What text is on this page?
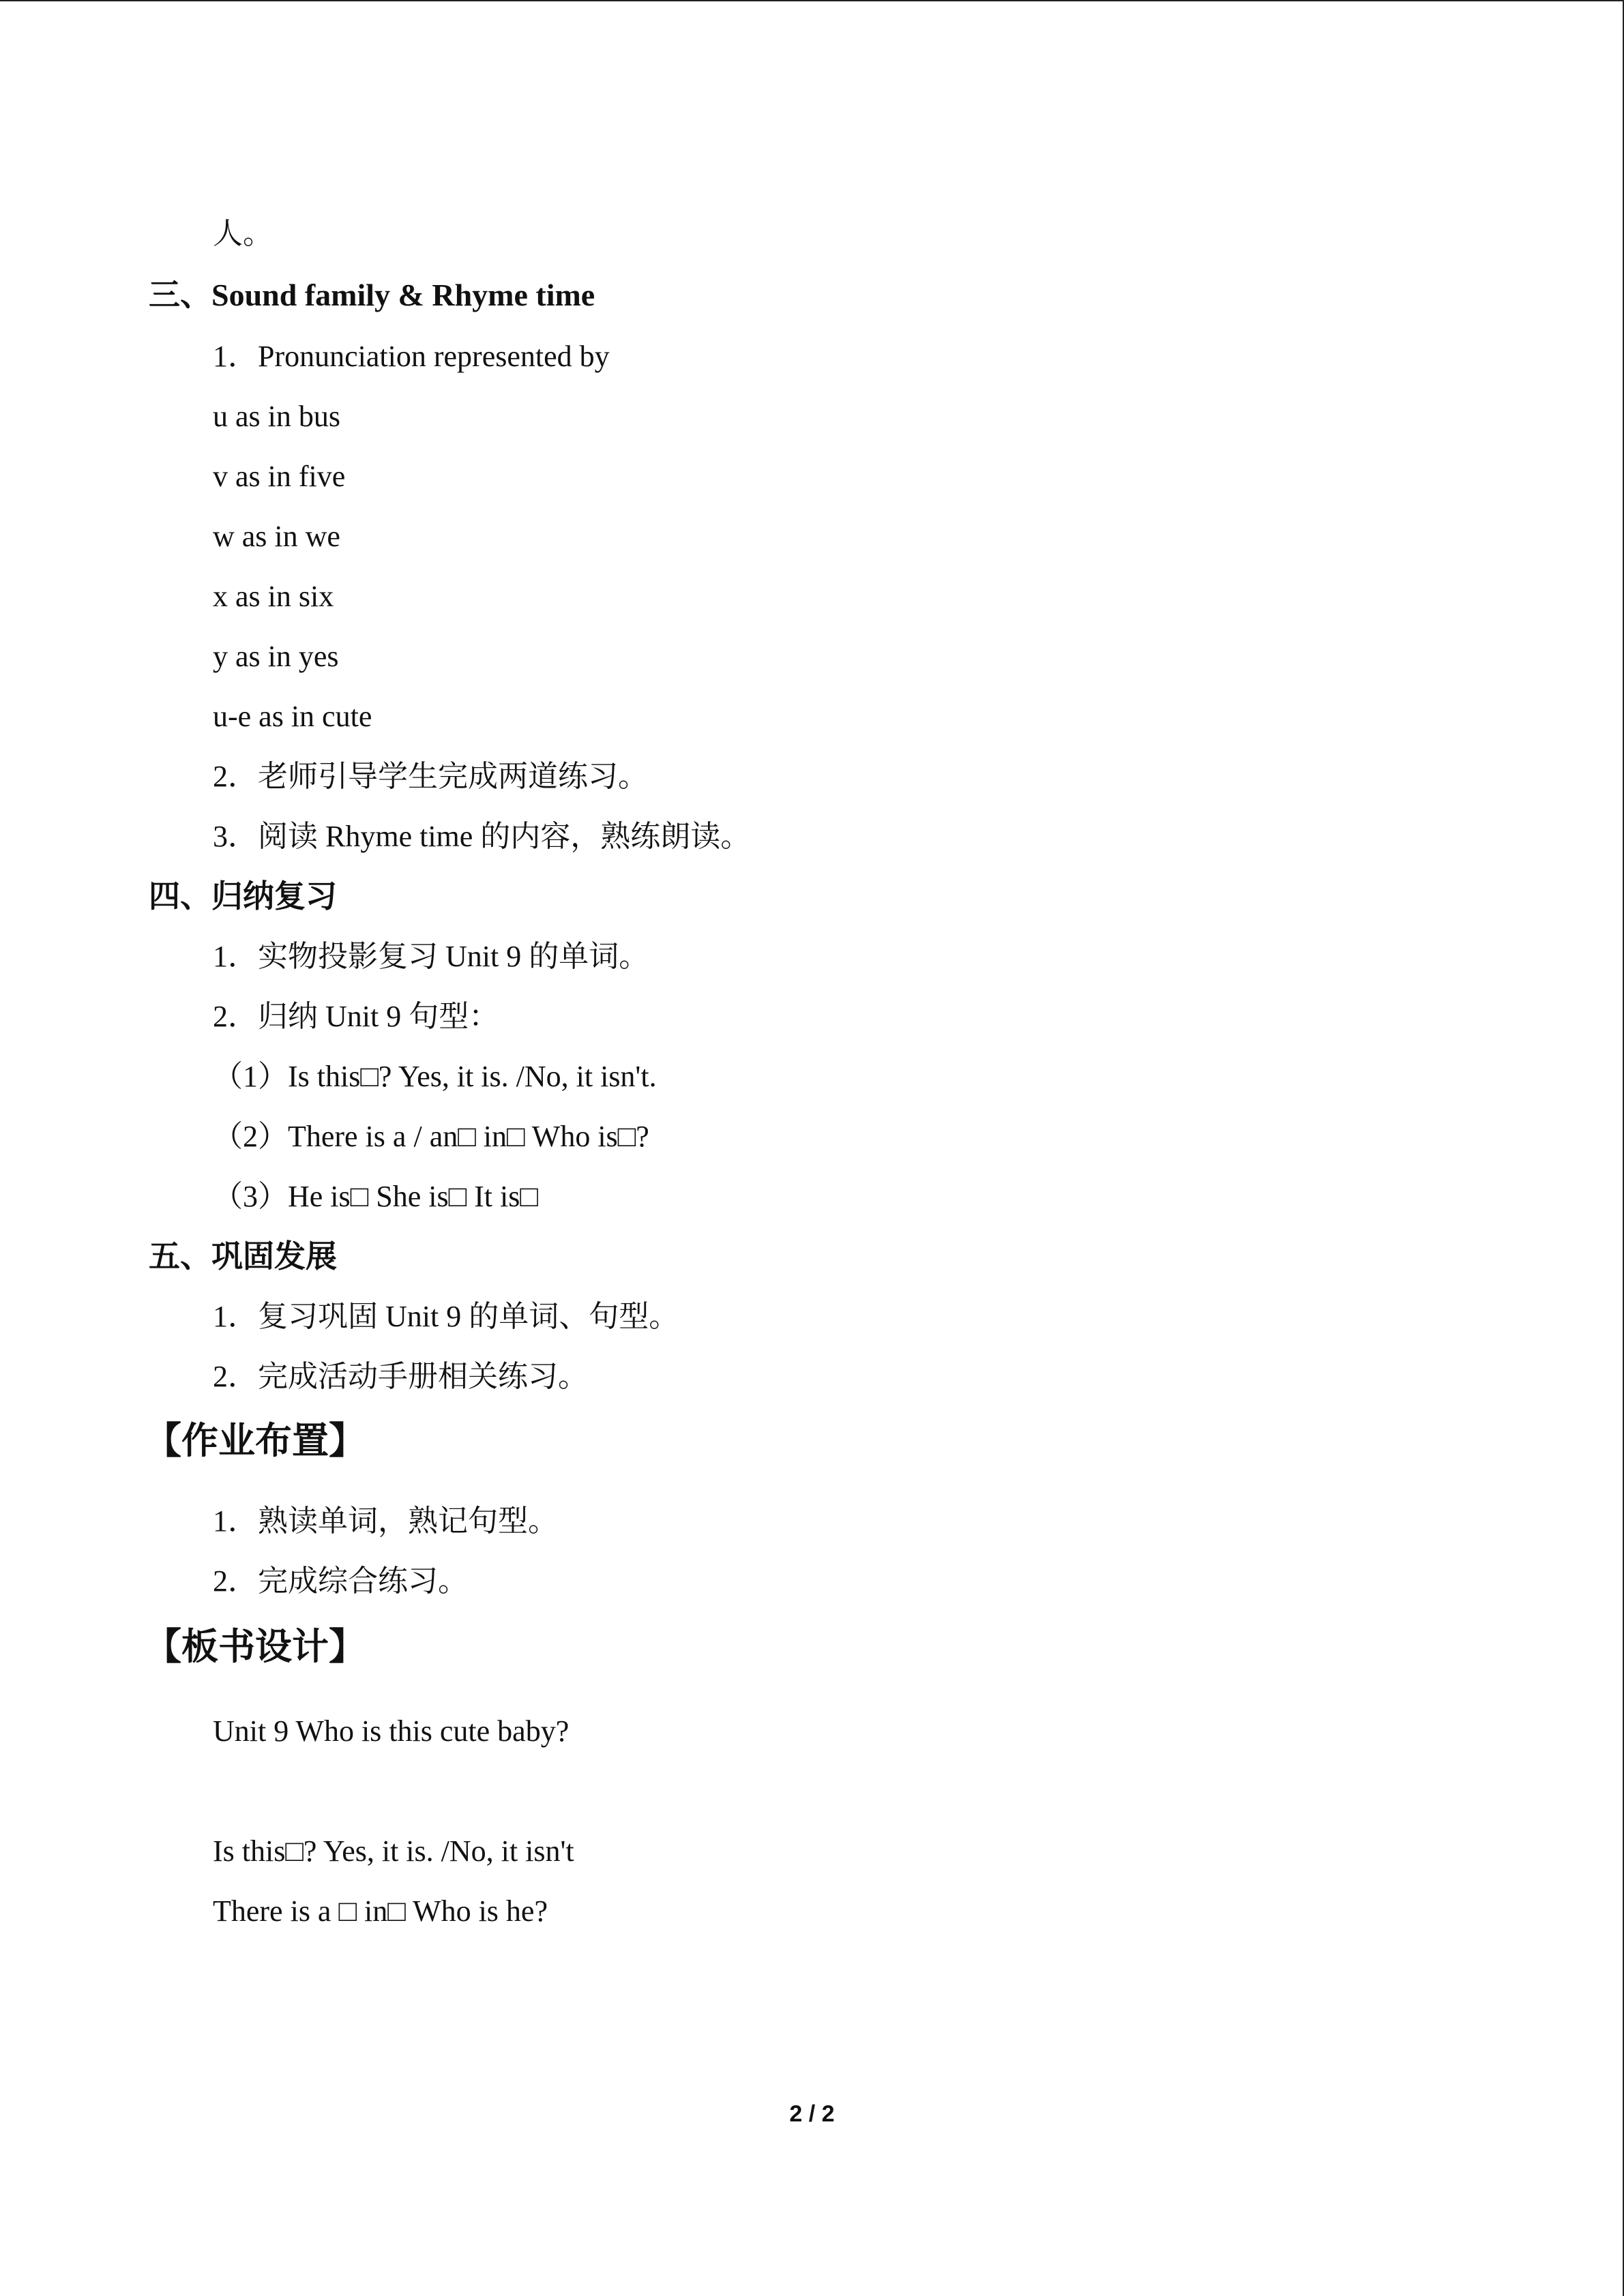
人。
三、Sound family & Rhyme time
1．Pronunciation represented by
u as in bus
v as in five
w as in we
x as in six
y as in yes
u-e as in cute
2．老师引导学生完成两道练习。
3．阅读 Rhyme time 的内容，熟练朗读。
四、归纳复习
1．实物投影复习 Unit 9 的单词。
2．归纳 Unit 9 句型：
（1）Is this□? Yes, it is. /No, it isn't.
（2）There is a / an□ in□ Who is□?
（3）He is□ She is□ It is□
五、巩固发展
1．复习巩固 Unit 9 的单词、句型。
2．完成活动手册相关练习。
【作业布置】
1．熟读单词，熟记句型。
2．完成综合练习。
【板书设计】
Unit 9 Who is this cute baby?
Is this□? Yes, it is. /No, it isn't
There is a □ in□ Who is he?
2 / 2
